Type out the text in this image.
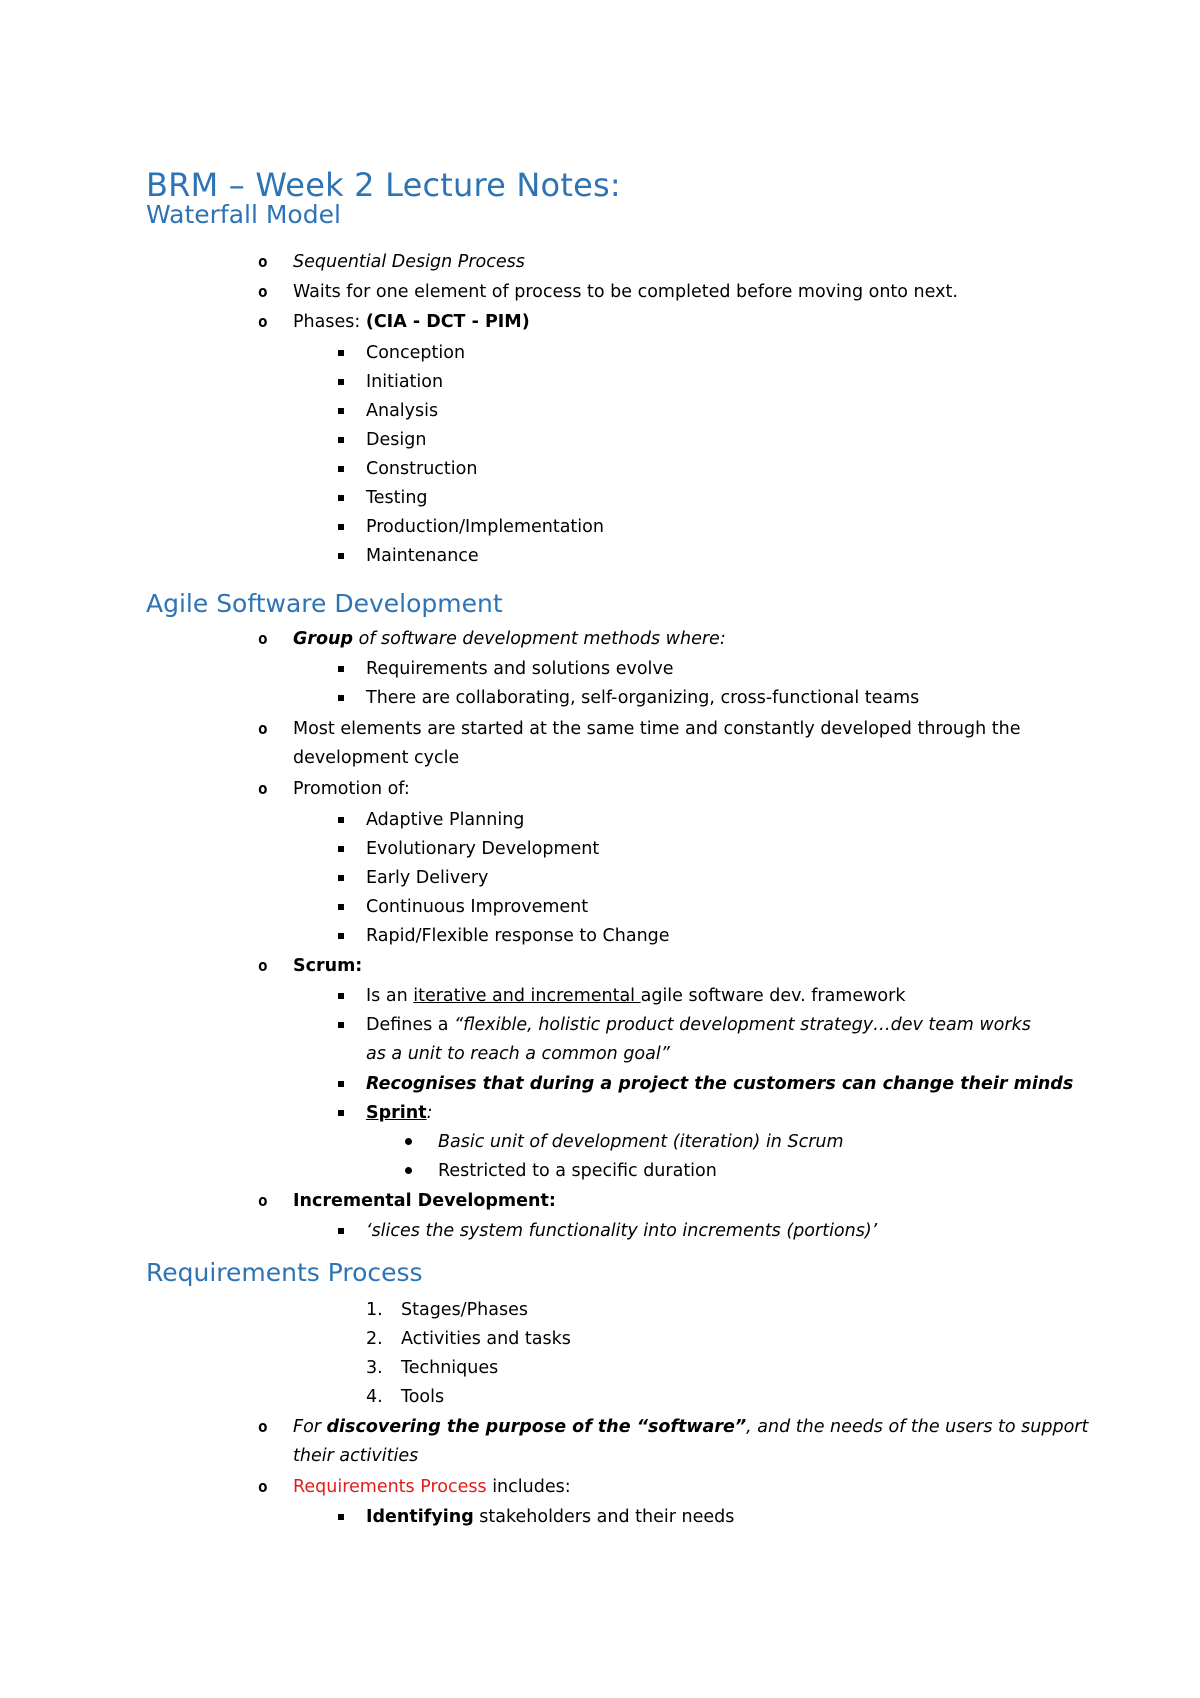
BRM – Week 2 Lecture Notes:
Waterfall Model
o Sequential Design Process
o Waits for one element of process to be completed before moving onto next.
o Phases: (CIA - DCT - PIM)
Conception
Initiation
Analysis
Design
Construction
Testing
Production/Implementation
Maintenance
Agile Software Development
o Group of software development methods where:
Requirements and solutions evolve
There are collaborating, self-organizing, cross-functional teams
o Most elements are started at the same time and constantly developed through the
development cycle
o Promotion of:
Adaptive Planning
Evolutionary Development
Early Delivery
Continuous Improvement
Rapid/Flexible response to Change
o Scrum:
Is an iterative and incremental agile software dev. framework
Defines a “flexible, holistic product development strategy…dev team works
as a unit to reach a common goal”
Recognises that during a project the customers can change their minds
Sprint:
Basic unit of development (iteration) in Scrum
Restricted to a specific duration
o Incremental Development:
‘slices the system functionality into increments (portions)’
Requirements Process
1. Stages/Phases
2. Activities and tasks
3. Techniques
4. Tools
o For discovering the purpose of the “software”, and the needs of the users to support
their activities
o Requirements Process includes:
Identifying stakeholders and their needs
